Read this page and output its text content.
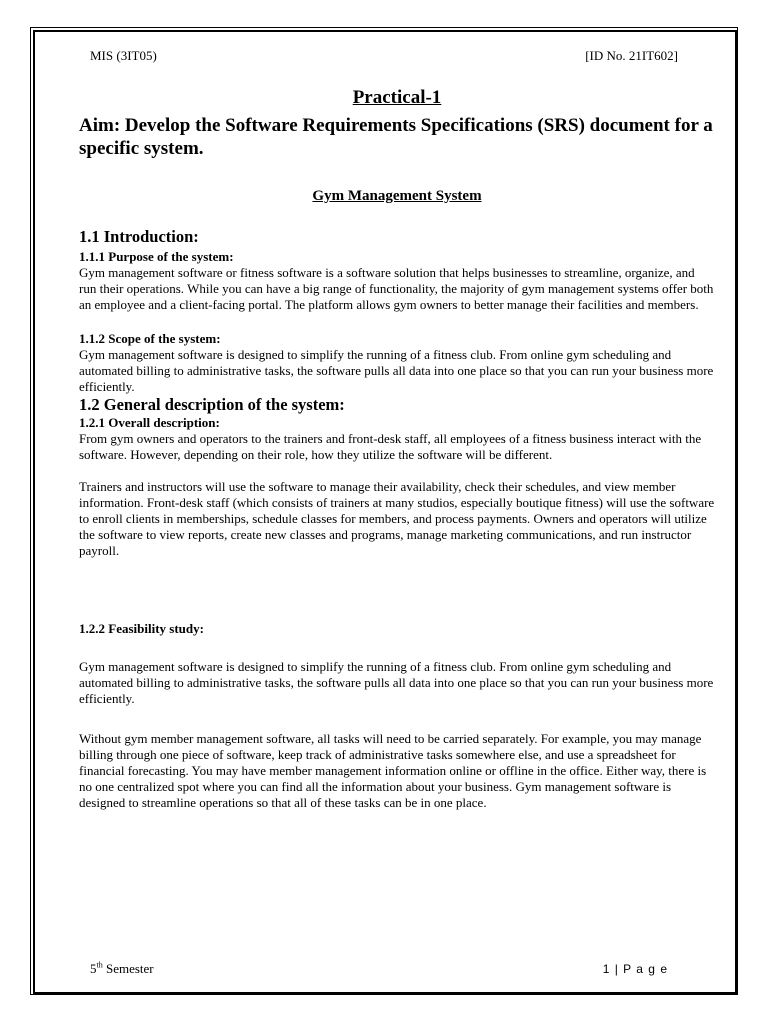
MIS (3IT05)	[ID No. 21IT602]
Practical-1
Aim: Develop the Software Requirements Specifications (SRS) document for a specific system.
Gym Management System
1.1 Introduction:
1.1.1 Purpose of the system:

Gym management software or fitness software is a software solution that helps businesses to streamline, organize, and run their operations. While you can have a big range of functionality, the majority of gym management systems offer both an employee and a client-facing portal. The platform allows gym owners to better manage their facilities and members.

1.1.2 Scope of the system:

Gym management software is designed to simplify the running of a fitness club. From online gym scheduling and automated billing to administrative tasks, the software pulls all data into one place so that you can run your business more efficiently.

1.2 General description of the system:
1.2.1 Overall description:

From gym owners and operators to the trainers and front-desk staff, all employees of a fitness business interact with the software. However, depending on their role, how they utilize the software will be different.

Trainers and instructors will use the software to manage their availability, check their schedules, and view member information. Front-desk staff (which consists of trainers at many studios, especially boutique fitness) will use the software to enroll clients in memberships, schedule classes for members, and process payments. Owners and operators will utilize the software to view reports, create new classes and programs, manage marketing communications, and run instructor payroll.

1.2.2 Feasibility study:

Gym management software is designed to simplify the running of a fitness club. From online gym scheduling and automated billing to administrative tasks, the software pulls all data into one place so that you can run your business more efficiently.

Without gym member management software, all tasks will need to be carried separately. For example, you may manage billing through one piece of software, keep track of administrative tasks somewhere else, and use a spreadsheet for financial forecasting. You may have member management information online or offline in the office. Either way, there is no one centralized spot where you can find all the information about your business. Gym management software is designed to streamline operations so that all of these tasks can be in one place.

5th Semester	1 | P a g e
